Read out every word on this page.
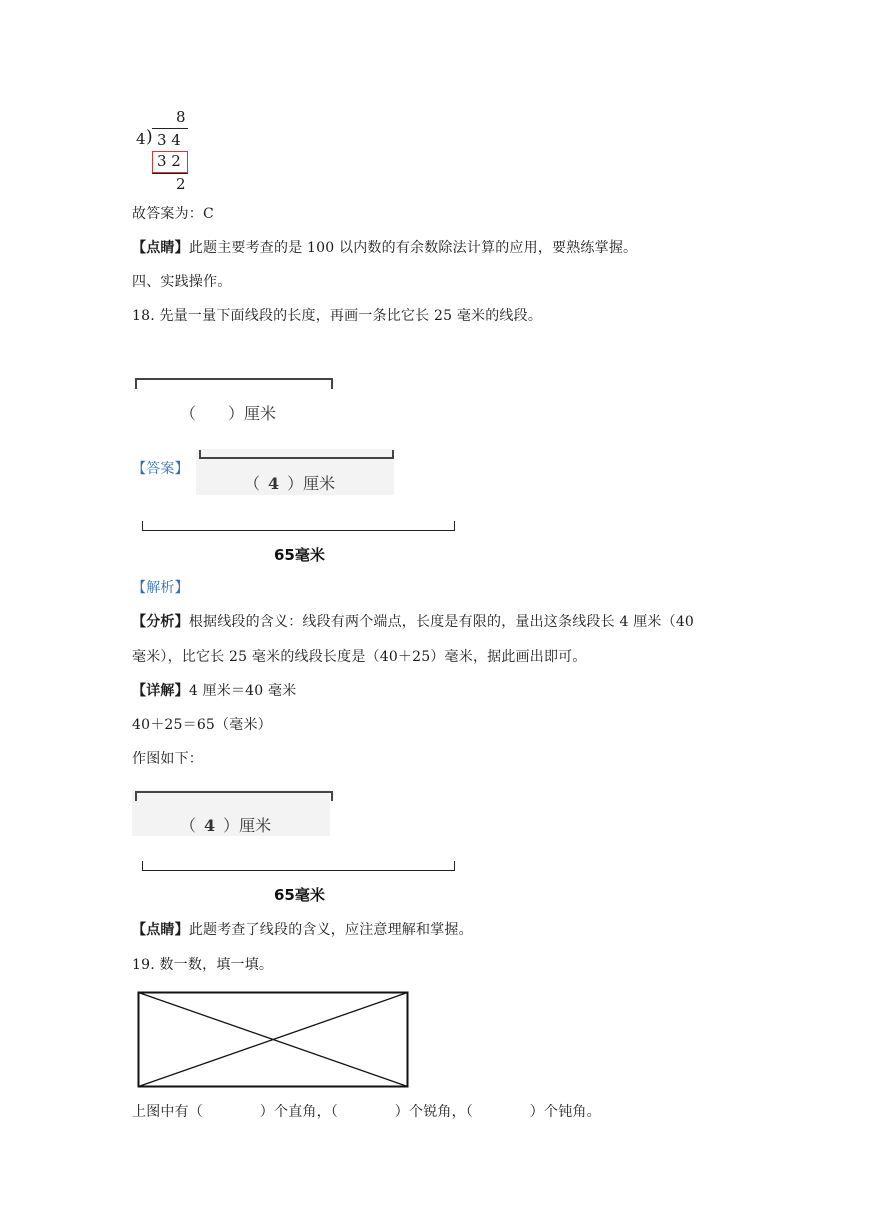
8
4 ) 3 4
3 2
2
故答案为：C
【点睛】此题主要考查的是 100 以内数的有余数除法计算的应用，要熟练掌握。
四、实践操作。
18. 先量一量下面线段的长度，再画一条比它长 25 毫米的线段。
（　　）厘米
【答案】
（ 4 ）厘米
65毫米
【解析】
【分析】根据线段的含义：线段有两个端点，长度是有限的，量出这条线段长 4 厘米（40
毫米），比它长 25 毫米的线段长度是（40＋25）毫米，据此画出即可。
【详解】4 厘米＝40 毫米
40＋25＝65（毫米）
作图如下：
（ 4 ）厘米
65毫米
【点睛】此题考查了线段的含义，应注意理解和掌握。
19. 数一数，填一填。
上图中有（　　　　）个直角，（　　　　）个锐角，（　　　　）个钝角。
